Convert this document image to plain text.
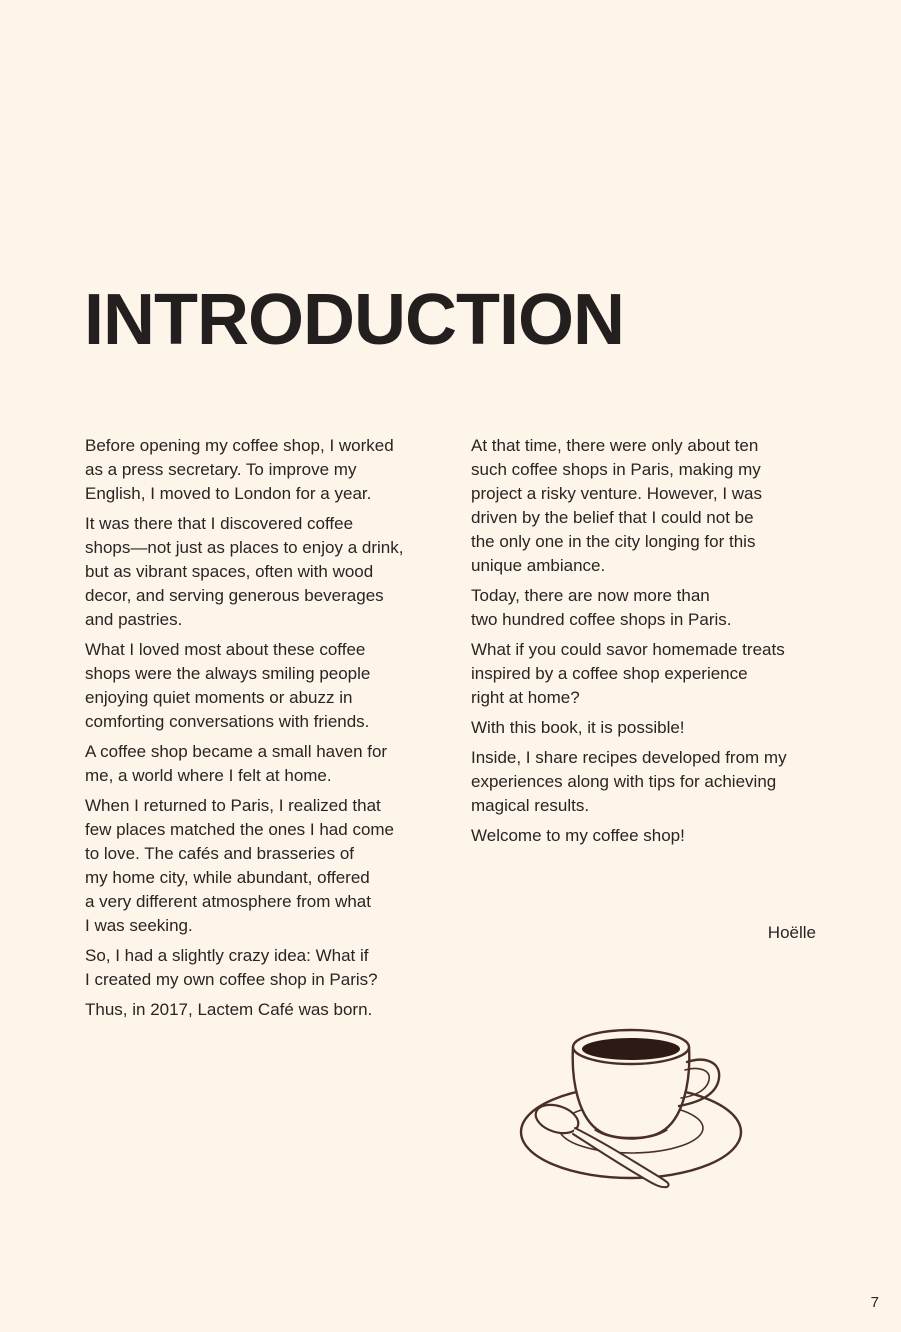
INTRODUCTION

Before opening my coffee shop, I worked
as a press secretary. To improve my
English, I moved to London for a year.

It was there that I discovered coffee
shops—not just as places to enjoy a drink,
but as vibrant spaces, often with wood
decor, and serving generous beverages
and pastries.

What I loved most about these coffee
shops were the always smiling people
enjoying quiet moments or abuzz in
comforting conversations with friends.

A coffee shop became a small haven for
me, a world where I felt at home.

When I returned to Paris, I realized that
few places matched the ones I had come
to love. The cafés and brasseries of
my home city, while abundant, offered
a very different atmosphere from what
I was seeking.

So, I had a slightly crazy idea: What if
I created my own coffee shop in Paris?

Thus, in 2017, Lactem Café was born.

At that time, there were only about ten
such coffee shops in Paris, making my
project a risky venture. However, I was
driven by the belief that I could not be
the only one in the city longing for this
unique ambiance.

Today, there are now more than
two hundred coffee shops in Paris.

What if you could savor homemade treats
inspired by a coffee shop experience
right at home?

With this book, it is possible!

Inside, I share recipes developed from my
experiences along with tips for achieving
magical results.

Welcome to my coffee shop!

Hoëlle
7
